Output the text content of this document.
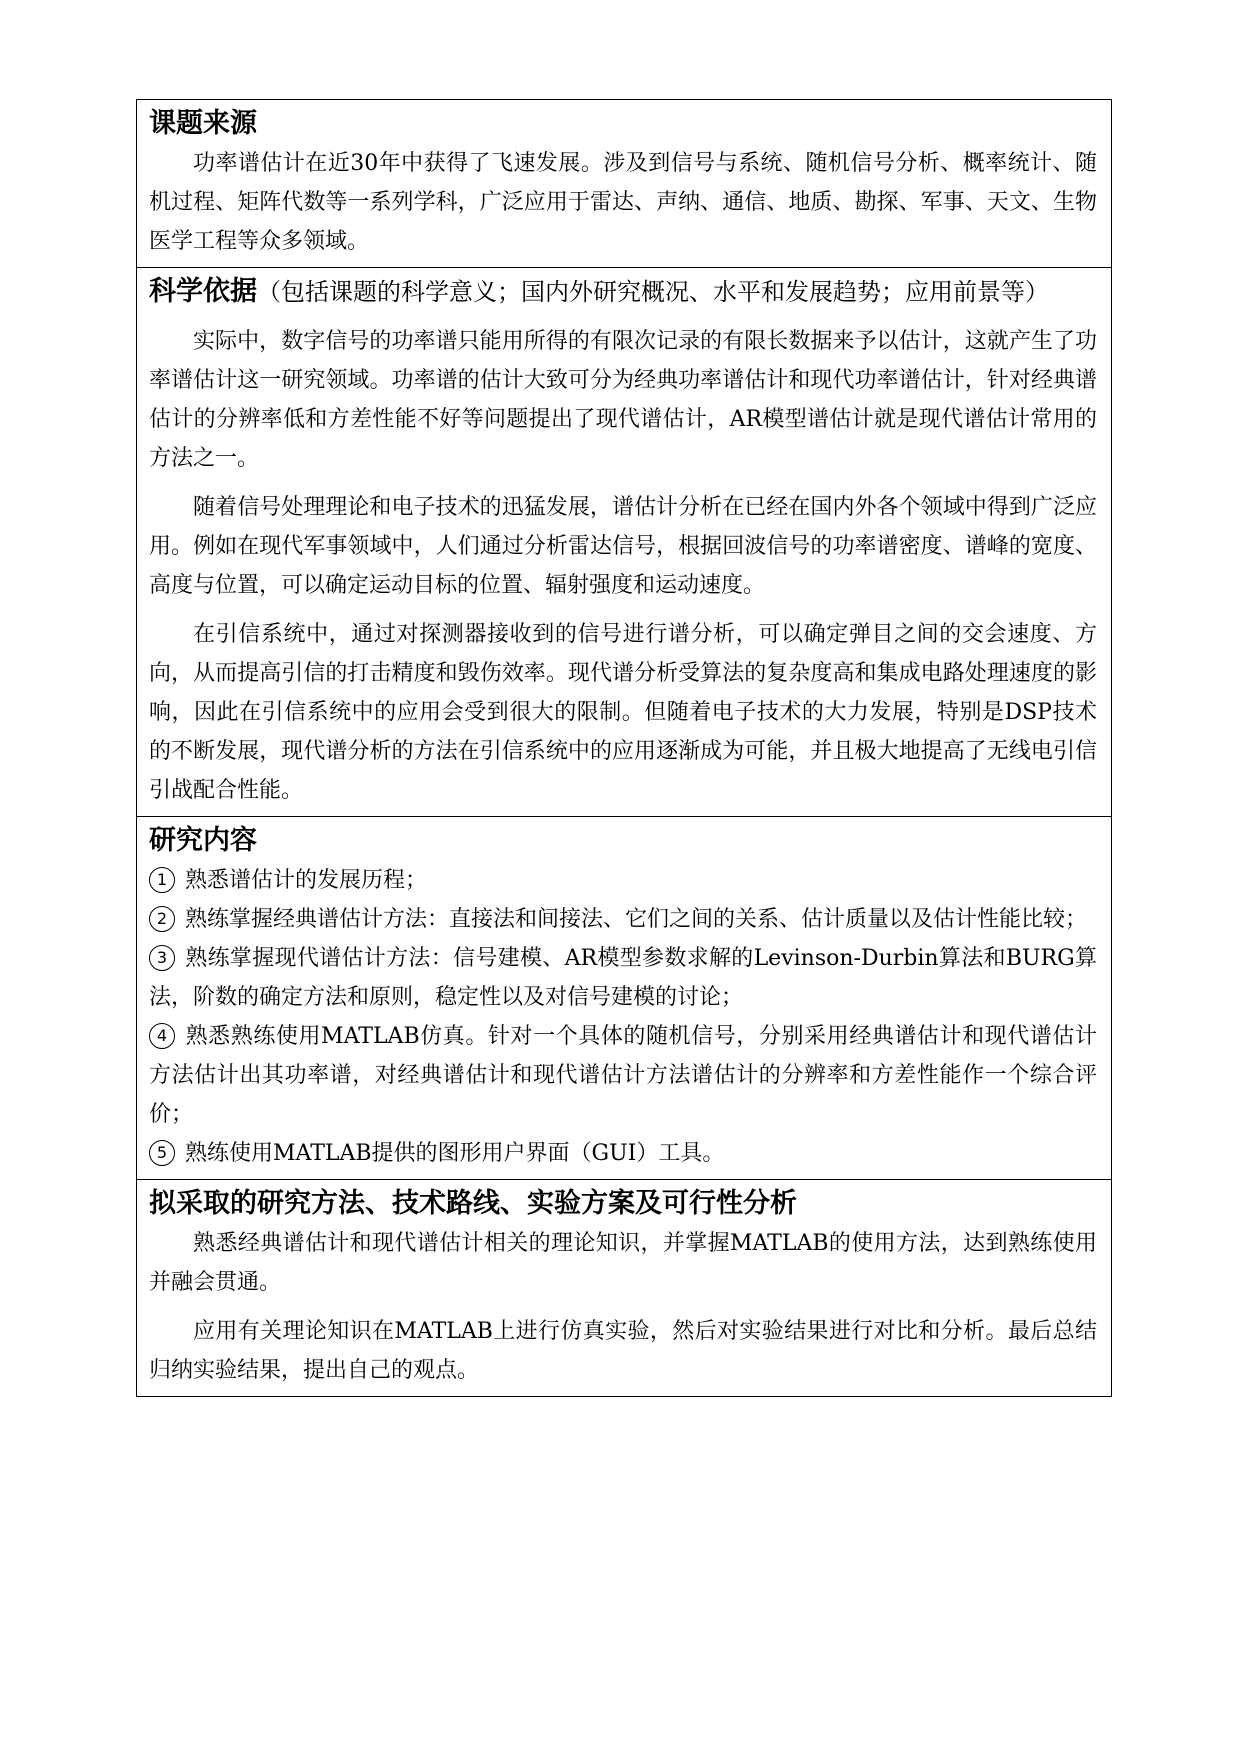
课题来源

功率谱估计在近30年中获得了飞速发展。涉及到信号与系统、随机信号分析、概率统计、随机过程、矩阵代数等一系列学科，广泛应用于雷达、声纳、通信、地质、勘探、军事、天文、生物医学工程等众多领域。

科学依据（包括课题的科学意义；国内外研究概况、水平和发展趋势；应用前景等）

实际中，数字信号的功率谱只能用所得的有限次记录的有限长数据来予以估计，这就产生了功率谱估计这一研究领域。功率谱的估计大致可分为经典功率谱估计和现代功率谱估计，针对经典谱估计的分辨率低和方差性能不好等问题提出了现代谱估计，AR模型谱估计就是现代谱估计常用的方法之一。

随着信号处理理论和电子技术的迅猛发展，谱估计分析在已经在国内外各个领域中得到广泛应用。例如在现代军事领域中，人们通过分析雷达信号，根据回波信号的功率谱密度、谱峰的宽度、高度与位置，可以确定运动目标的位置、辐射强度和运动速度。

在引信系统中，通过对探测器接收到的信号进行谱分析，可以确定弹目之间的交会速度、方向，从而提高引信的打击精度和毁伤效率。现代谱分析受算法的复杂度高和集成电路处理速度的影响，因此在引信系统中的应用会受到很大的限制。但随着电子技术的大力发展，特别是DSP技术的不断发展，现代谱分析的方法在引信系统中的应用逐渐成为可能，并且极大地提高了无线电引信引战配合性能。

研究内容
1 熟悉谱估计的发展历程；
2 熟练掌握经典谱估计方法：直接法和间接法、它们之间的关系、估计质量以及估计性能比较；
3 熟练掌握现代谱估计方法：信号建模、AR模型参数求解的Levinson-Durbin算法和BURG算法，阶数的确定方法和原则，稳定性以及对信号建模的讨论；
4 熟悉熟练使用MATLAB仿真。针对一个具体的随机信号，分别采用经典谱估计和现代谱估计方法估计出其功率谱，对经典谱估计和现代谱估计方法谱估计的分辨率和方差性能作一个综合评价；
5 熟练使用MATLAB提供的图形用户界面（GUI）工具。
拟采取的研究方法、技术路线、实验方案及可行性分析

熟悉经典谱估计和现代谱估计相关的理论知识，并掌握MATLAB的使用方法，达到熟练使用并融会贯通。

应用有关理论知识在MATLAB上进行仿真实验，然后对实验结果进行对比和分析。最后总结归纳实验结果，提出自己的观点。
